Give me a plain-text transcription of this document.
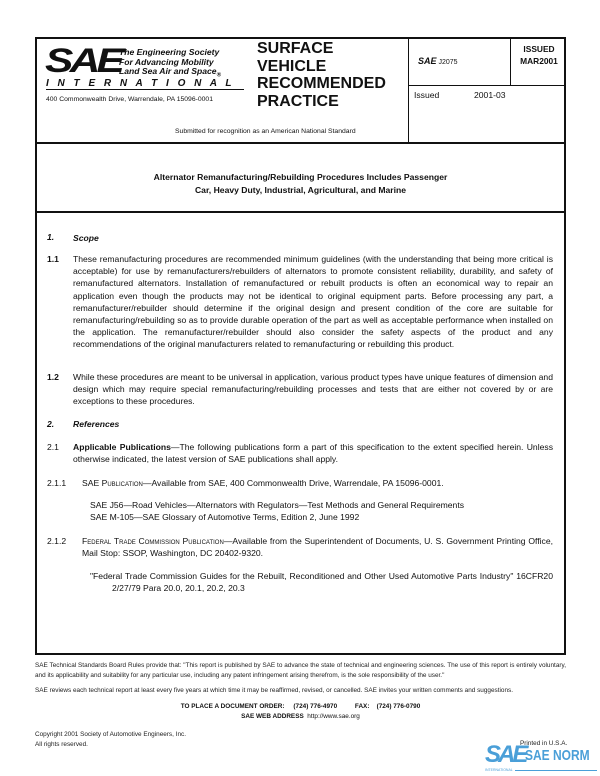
SAE
The Engineering Society
For Advancing Mobility
Land Sea Air and Space$_®$
I N T E R N A T I O N A L
400 Commonwealth Drive, Warrendale, PA 15096-0001
SURFACE
VEHICLE
RECOMMENDED
PRACTICE
SAE J2075
ISSUED
MAR2001
Issued	2001-03
Submitted for recognition as an American National Standard
Alternator Remanufacturing/Rebuilding Procedures Includes Passenger
Car, Heavy Duty, Industrial, Agricultural, and Marine
1. Scope
1.1 These remanufacturing procedures are recommended minimum guidelines (with the understanding that being more critical is acceptable) for use by remanufacturers/rebuilders of alternators to promote consistent reliability, durability, and safety of remanufactured alternators. Installation of remanufactured or rebuilt products is often an economical way to repair an application even though the products may not be identical to original equipment parts. Before processing any part, a remanufacturer/rebuilder should determine if the original design and present condition of the core are suitable for remanufacturing/rebuilding so as to provide durable operation of the part as well as acceptable performance when installed on the application. The remanufacturer/rebuilder should also consider the safety aspects of the product and any recommendations of the original manufacturers related to remanufacturing or rebuilding this product.
1.2 While these procedures are meant to be universal in application, various product types have unique features of dimension and design which may require special remanufacturing/rebuilding processes and tests that are either not covered by or are exceptions to these procedures.
2. References
2.1 Applicable Publications—The following publications form a part of this specification to the extent specified herein. Unless otherwise indicated, the latest version of SAE publications shall apply.
2.1.1 SAE Publication—Available from SAE, 400 Commonwealth Drive, Warrendale, PA 15096-0001.
SAE J56—Road Vehicles—Alternators with Regulators—Test Methods and General Requirements
SAE M-105—SAE Glossary of Automotive Terms, Edition 2, June 1992
2.1.2 Federal Trade Commission Publication—Available from the Superintendent of Documents, U. S. Government Printing Office, Mail Stop: SSOP, Washington, DC 20402-9320.
"Federal Trade Commission Guides for the Rebuilt, Reconditioned and Other Used Automotive Parts Industry" 16CFR20 2/27/79 Para 20.0, 20.1, 20.2, 20.3
SAE Technical Standards Board Rules provide that: "This report is published by SAE to advance the state of technical and engineering sciences. The use of this report is entirely voluntary, and its applicability and suitability for any particular use, including any patent infringement arising therefrom, is the sole responsibility of the user."
SAE reviews each technical report at least every five years at which time it may be reaffirmed, revised, or cancelled. SAE invites your written comments and suggestions.
TO PLACE A DOCUMENT ORDER: (724) 776-4970	FAX: (724) 776-0790
SAE WEB ADDRESS http://www.sae.org
Copyright 2001 Society of Automotive Engineers, Inc.
All rights reserved.	Printed in U.S.A.
SAE SAE NORM
INTERNATIONAL
